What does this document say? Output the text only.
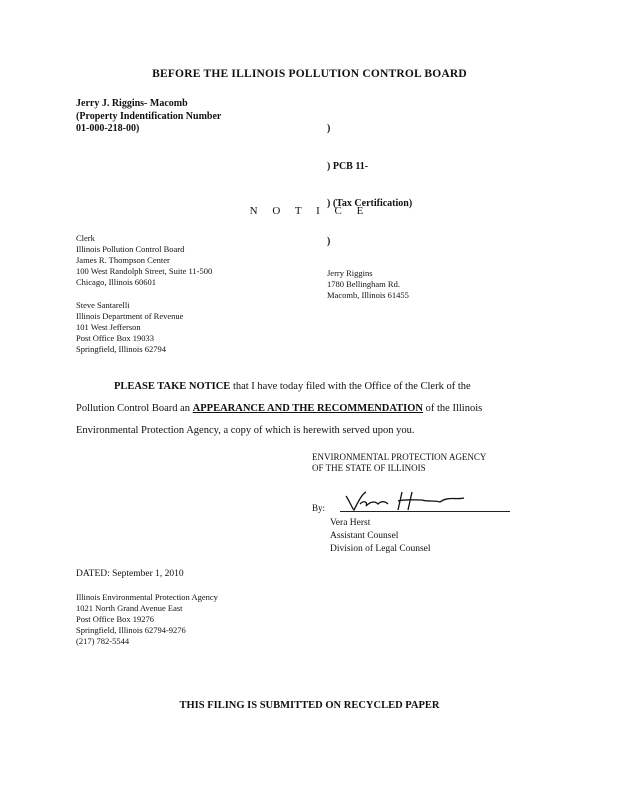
BEFORE THE ILLINOIS POLLUTION CONTROL BOARD
Jerry J. Riggins- Macomb
(Property Indentification Number
01-000-218-00)

	)

) PCB 11-

) (Tax Certification)

)

N O T I C E
Clerk
Illinois Pollution Control Board
James R. Thompson Center
100 West Randolph Street, Suite 11-500
Chicago, Illinois 60601
Jerry Riggins
1780 Bellingham Rd.
Macomb, Illinois 61455
Steve Santarelli
Illinois Department of Revenue
101 West Jefferson
Post Office Box 19033
Springfield, Illinois 62794
PLEASE TAKE NOTICE that I have today filed with the Office of the Clerk of the
Pollution Control Board an APPEARANCE AND THE RECOMMENDATION of the Illinois
Environmental Protection Agency, a copy of which is herewith served upon you.
ENVIRONMENTAL PROTECTION AGENCY
OF THE STATE OF ILLINOIS
By:
Vera Herst
Assistant Counsel
Division of Legal Counsel
DATED: September 1, 2010
Illinois Environmental Protection Agency
1021 North Grand Avenue East
Post Office Box 19276
Springfield, Illinois 62794-9276
(217) 782-5544
THIS FILING IS SUBMITTED ON RECYCLED PAPER
